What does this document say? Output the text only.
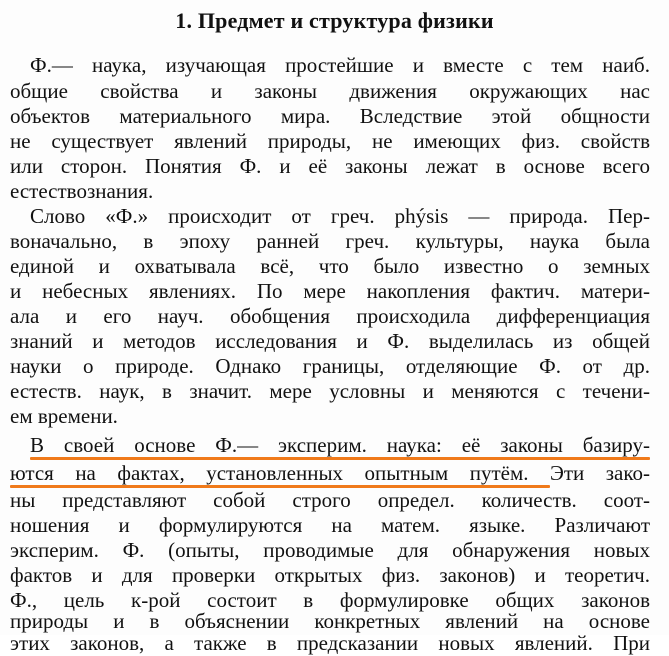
1. Предмет и структура физики
Ф.— наука, изучающая простейшие и вместе с тем наиб.
общие свойства и законы движения окружающих нас
объектов материального мира. Вследствие этой общности
не существует явлений природы, не имеющих физ. свойств
или сторон. Понятия Ф. и её законы лежат в основе всего
естествознания.
Слово «Ф.» происходит от греч. phýsis — природа. Пер-
воначально, в эпоху ранней греч. культуры, наука была
единой и охватывала всё, что было известно о земных
и небесных явлениях. По мере накопления фактич. матери-
ала и его науч. обобщения происходила дифференциация
знаний и методов исследования и Ф. выделилась из общей
науки о природе. Однако границы, отделяющие Ф. от др.
естеств. наук, в значит. мере условны и меняются с течени-
ем времени.
В своей основе Ф.— эксперим. наука: её законы базиру-
ются на фактах, установленных опытным путём. Эти зако-
ны представляют собой строго определ. количеств. соот-
ношения и формулируются на матем. языке. Различают
эксперим. Ф. (опыты, проводимые для обнаружения новых
фактов и для проверки открытых физ. законов) и теоретич.
Ф., цель к-рой состоит в формулировке общих законов
природы и в объяснении конкретных явлений на основе
этих законов, а также в предсказании новых явлений. При
